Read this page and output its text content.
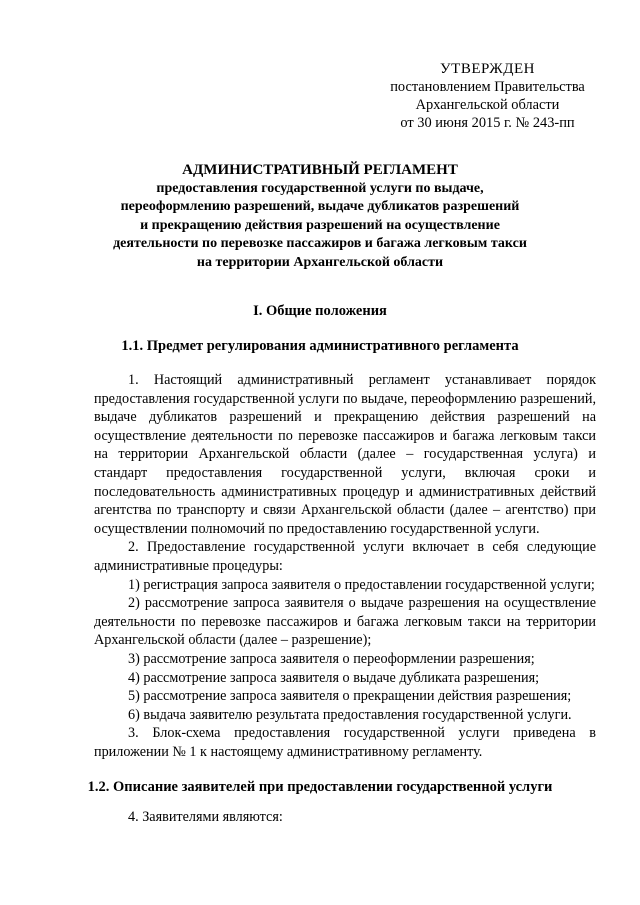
УТВЕРЖДЕН
постановлением Правительства
Архангельской области
от 30 июня 2015 г. № 243-пп
АДМИНИСТРАТИВНЫЙ РЕГЛАМЕНТ
предоставления государственной услуги по выдаче,
переоформлению разрешений, выдаче дубликатов разрешений
и прекращению действия разрешений на осуществление
деятельности по перевозке пассажиров и багажа легковым такси
на территории Архангельской области
I. Общие положения
1.1. Предмет регулирования административного регламента

1. Настоящий административный регламент устанавливает порядок предоставления государственной услуги по выдаче, переоформлению разрешений, выдаче дубликатов разрешений и прекращению действия разрешений на осуществление деятельности по перевозке пассажиров и багажа легковым такси на территории Архангельской области (далее – государственная услуга) и стандарт предоставления государственной услуги, включая сроки и последовательность административных процедур и административных действий агентства по транспорту и связи Архангельской области (далее – агентство) при осуществлении полномочий по предоставлению государственной услуги.

2. Предоставление государственной услуги включает в себя следующие административные процедуры:

1) регистрация запроса заявителя о предоставлении государственной услуги;

2) рассмотрение запроса заявителя о выдаче разрешения на осуществление деятельности по перевозке пассажиров и багажа легковым такси на территории Архангельской области (далее – разрешение);

3) рассмотрение запроса заявителя о переоформлении разрешения;

4) рассмотрение запроса заявителя о выдаче дубликата разрешения;

5) рассмотрение запроса заявителя о прекращении действия разрешения;

6) выдача заявителю результата предоставления государственной услуги.

3. Блок-схема предоставления государственной услуги приведена в приложении № 1 к настоящему административному регламенту.

1.2. Описание заявителей при предоставлении государственной услуги

4. Заявителями являются:
